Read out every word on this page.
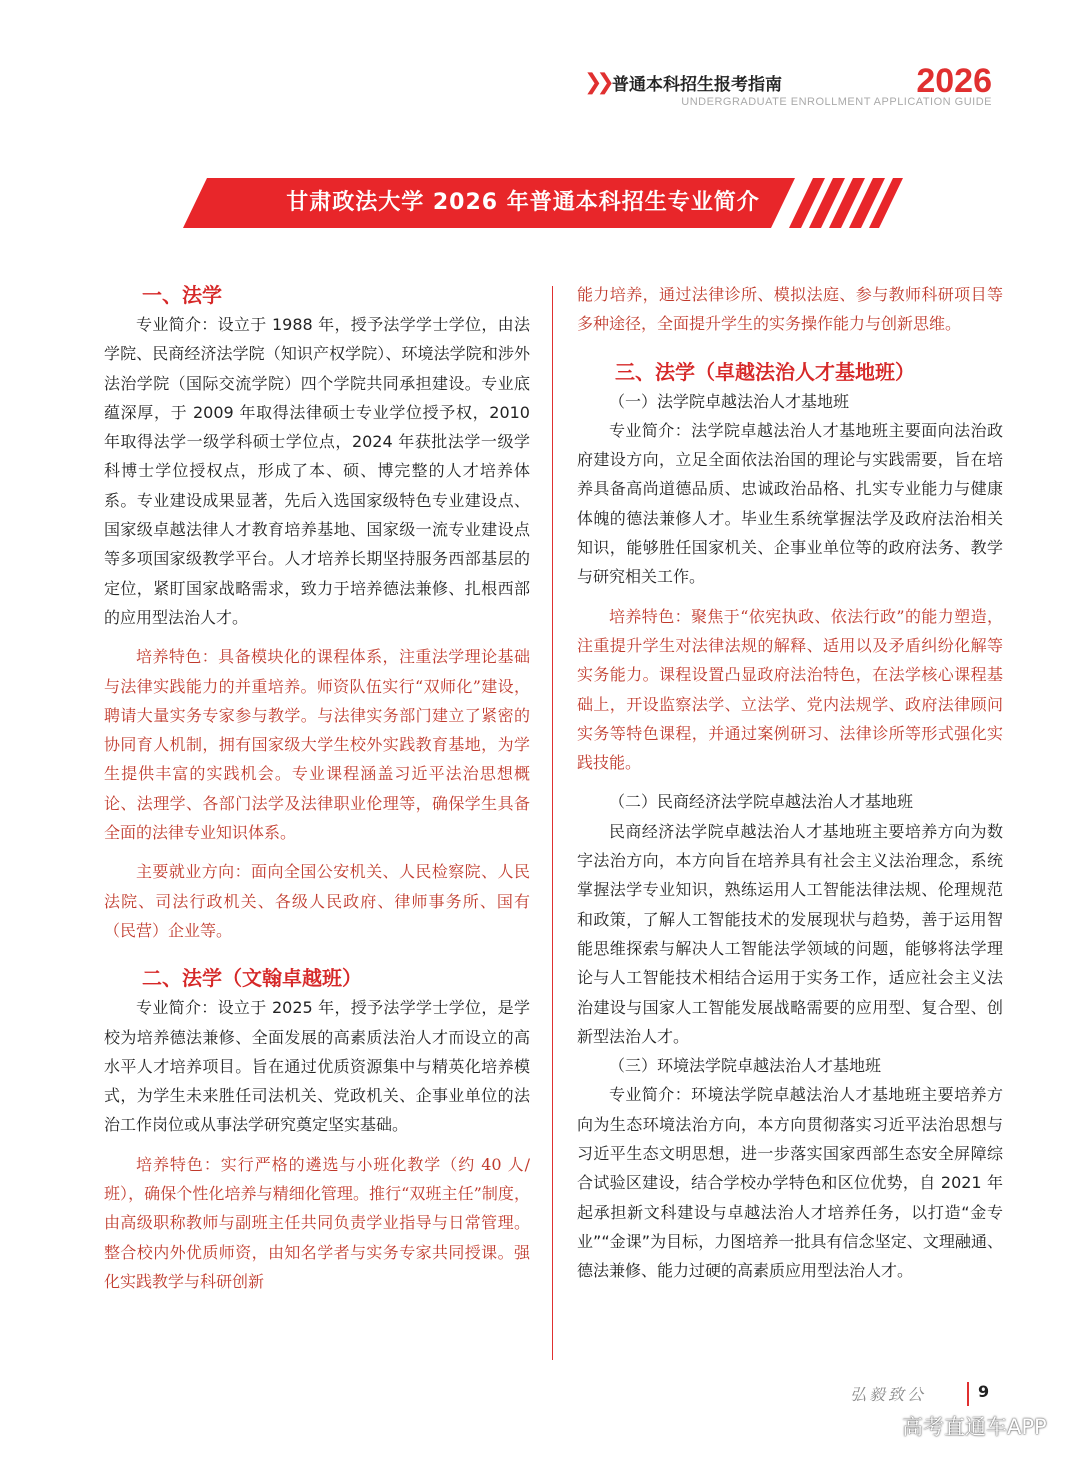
❯❯ 普通本科招生报考指南	2026
UNDERGRADUATE ENROLLMENT APPLICATION GUIDE
甘肃政法大学 2026 年普通本科招生专业简介
一、法学

专业简介：设立于 1988 年，授予法学学士学位，由法学院、民商经济法学院（知识产权学院）、环境法学院和涉外法治学院（国际交流学院）四个学院共同承担建设。专业底蕴深厚，于 2009 年取得法律硕士专业学位授予权，2010 年取得法学一级学科硕士学位点，2024 年获批法学一级学科博士学位授权点，形成了本、硕、博完整的人才培养体系。专业建设成果显著，先后入选国家级特色专业建设点、国家级卓越法律人才教育培养基地、国家级一流专业建设点等多项国家级教学平台。人才培养长期坚持服务西部基层的定位，紧盯国家战略需求，致力于培养德法兼修、扎根西部的应用型法治人才。

培养特色：具备模块化的课程体系，注重法学理论基础与法律实践能力的并重培养。师资队伍实行“双师化”建设，聘请大量实务专家参与教学。与法律实务部门建立了紧密的协同育人机制，拥有国家级大学生校外实践教育基地，为学生提供丰富的实践机会。专业课程涵盖习近平法治思想概论、法理学、各部门法学及法律职业伦理等，确保学生具备全面的法律专业知识体系。

主要就业方向：面向全国公安机关、人民检察院、人民法院、司法行政机关、各级人民政府、律师事务所、国有（民营）企业等。

二、法学（文翰卓越班）

专业简介：设立于 2025 年，授予法学学士学位，是学校为培养德法兼修、全面发展的高素质法治人才而设立的高水平人才培养项目。旨在通过优质资源集中与精英化培养模式，为学生未来胜任司法机关、党政机关、企事业单位的法治工作岗位或从事法学研究奠定坚实基础。

培养特色：实行严格的遴选与小班化教学（约 40 人/班），确保个性化培养与精细化管理。推行“双班主任”制度，由高级职称教师与副班主任共同负责学业指导与日常管理。整合校内外优质师资，由知名学者与实务专家共同授课。强化实践教学与科研创新

能力培养，通过法律诊所、模拟法庭、参与教师科研项目等多种途径，全面提升学生的实务操作能力与创新思维。

三、法学（卓越法治人才基地班）

（一）法学院卓越法治人才基地班

专业简介：法学院卓越法治人才基地班主要面向法治政府建设方向，立足全面依法治国的理论与实践需要，旨在培养具备高尚道德品质、忠诚政治品格、扎实专业能力与健康体魄的德法兼修人才。毕业生系统掌握法学及政府法治相关知识，能够胜任国家机关、企事业单位等的政府法务、教学与研究相关工作。

培养特色：聚焦于“依宪执政、依法行政”的能力塑造，注重提升学生对法律法规的解释、适用以及矛盾纠纷化解等实务能力。课程设置凸显政府法治特色，在法学核心课程基础上，开设监察法学、立法学、党内法规学、政府法律顾问实务等特色课程，并通过案例研习、法律诊所等形式强化实践技能。

（二）民商经济法学院卓越法治人才基地班

民商经济法学院卓越法治人才基地班主要培养方向为数字法治方向，本方向旨在培养具有社会主义法治理念，系统掌握法学专业知识，熟练运用人工智能法律法规、伦理规范和政策，了解人工智能技术的发展现状与趋势，善于运用智能思维探索与解决人工智能法学领域的问题，能够将法学理论与人工智能技术相结合运用于实务工作，适应社会主义法治建设与国家人工智能发展战略需要的应用型、复合型、创新型法治人才。

（三）环境法学院卓越法治人才基地班

专业简介：环境法学院卓越法治人才基地班主要培养方向为生态环境法治方向，本方向贯彻落实习近平法治思想与习近平生态文明思想，进一步落实国家西部生态安全屏障综合试验区建设，结合学校办学特色和区位优势，自 2021 年起承担新文科建设与卓越法治人才培养任务，以打造“金专业”“金课”为目标，力图培养一批具有信念坚定、文理融通、德法兼修、能力过硬的高素质应用型法治人才。

弘毅致公	9
高考直通车APP
